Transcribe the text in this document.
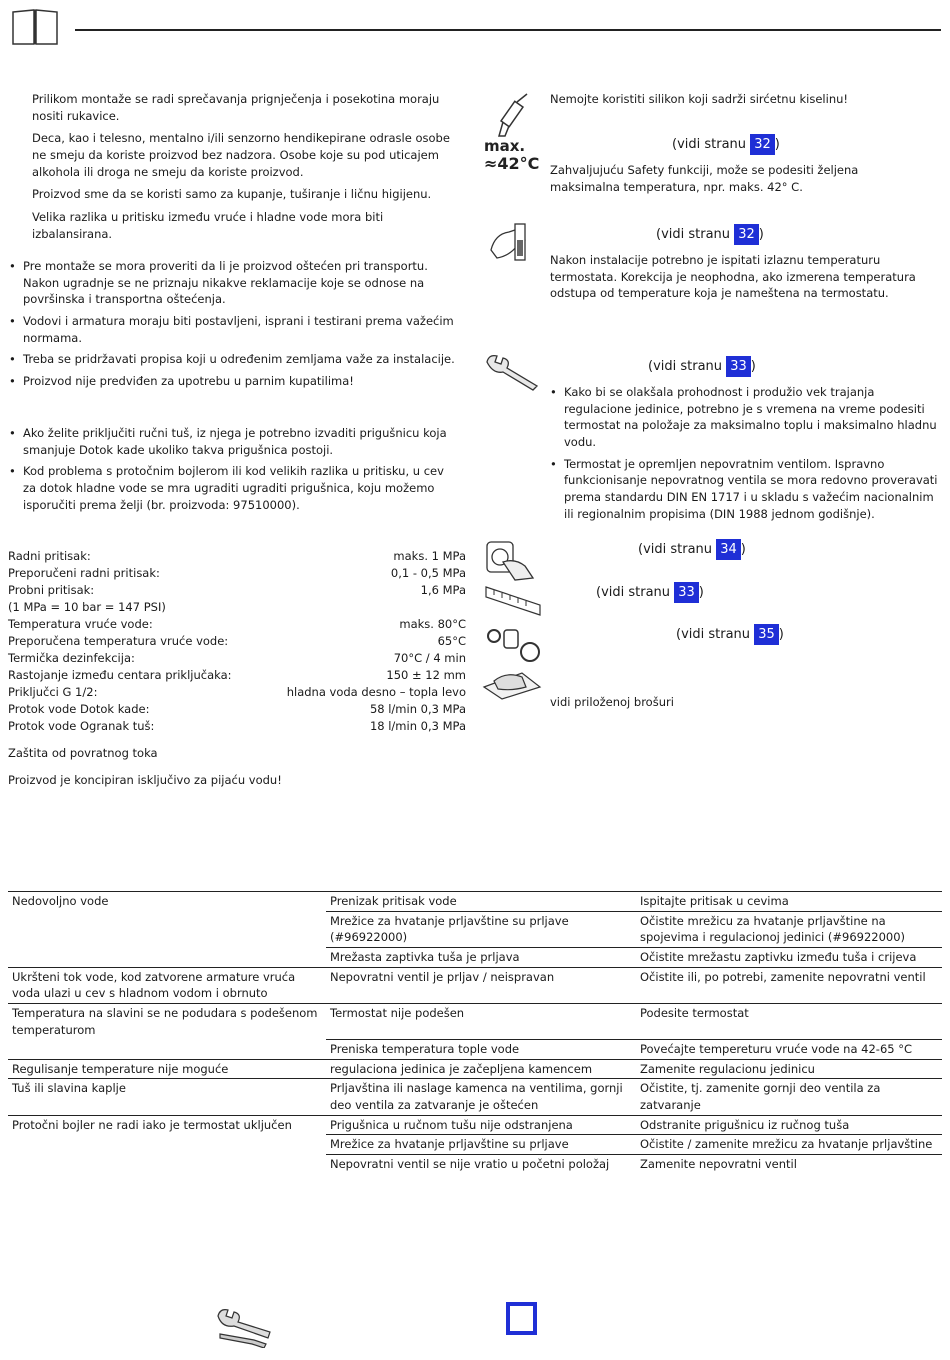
Prilikom montaže se radi sprečavanja prignječenja i posekotina moraju nositi rukavice.

Deca, kao i telesno, mentalno i/ili senzorno hendikepirane odrasle osobe ne smeju da koriste proizvod bez nadzora. Osobe koje su pod uticajem alkohola ili droga ne smeju da koriste proizvod.

Proizvod sme da se koristi samo za kupanje, tuširanje i ličnu higijenu.

Velika razlika u pritisku između vruće i hladne vode mora biti izbalansirana.

• Pre montaže se mora proveriti da li je proizvod oštećen pri transportu. Nakon ugradnje se ne priznaju nikakve reklamacije koje se odnose na površinska i transportna oštećenja.
• Vodovi i armatura moraju biti postavljeni, isprani i testirani prema važećim normama.
• Treba se pridržavati propisa koji u određenim zemljama važe za instalacije.
• Proizvod nije predviđen za upotrebu u parnim kupatilima!
• Ako želite priključiti ručni tuš, iz njega je potrebno izvaditi prigušnicu koja smanjuje Dotok kade ukoliko takva prigušnica postoji.
• Kod problema s protočnim bojlerom ili kod velikih razlika u pritisku, u cev za dotok hladne vode se mra ugraditi ugraditi prigušnica, koju možemo isporučiti prema želji (br. proizvoda: 97510000).
Radni pritisak:	maks. 1 MPa
Preporučeni radni pritisak:	0,1 - 0,5 MPa
Probni pritisak:	1,6 MPa
(1 MPa = 10 bar = 147 PSI)
Temperatura vruće vode:	maks. 80°C
Preporučena temperatura vruće vode:	65°C
Termička dezinfekcija:	70°C / 4 min
Rastojanje između centara priključaka:	150 ± 12 mm
Priključci G 1/2:	hladna voda desno – topla levo
Protok vode Dotok kade:	58 l/min 0,3 MPa
Protok vode Ogranak tuš:	18 l/min 0,3 MPa
Zaštita od povratnog toka
Proizvod je koncipiran isključivo za pijaću vodu!
max.
≈42°C
Nemojte koristiti silikon koji sadrži sirćetnu kiselinu!
(vidi stranu 32 )
Zahvaljujuću Safety funkciji, može se podesiti željena maksimalna temperatura, npr. maks. 42° C.
(vidi stranu 32 )
Nakon instalacije potrebno je ispitati izlaznu temperaturu termostata. Korekcija je neophodna, ako izmerena temperatura odstupa od temperature koja je nameštena na termostatu.
(vidi stranu 33 )
• Kako bi se olakšala prohodnost i produžio vek trajanja regulacione jedinice, potrebno je s vremena na vreme podesiti termostat na položaje za maksimalno toplu i maksimalno hladnu vodu.
• Termostat je opremljen nepovratnim ventilom. Ispravno funkcionisanje nepovratnog ventila se mora redovno proveravati prema standardu DIN EN 1717 i u skladu s važećim nacionalnim ili regionalnim propisima (DIN 1988 jednom godišnje).
(vidi stranu 34 )
(vidi stranu 33 )
(vidi stranu 35 )
vidi priloženoj brošuri
Nedovoljno vode	Prenizak pritisak vode	Ispitajte pritisak u cevima
	Mrežice za hvatanje prljavštine su prljave (#96922000)	Očistite mrežicu za hvatanje prljavštine na spojevima i regulacionoj jedinici (#96922000)
	Mrežasta zaptivka tuša je prljava	Očistite mrežastu zaptivku između tuša i crijeva
Ukršteni tok vode, kod zatvorene armature vruća voda ulazi u cev s hladnom vodom i obrnuto	Nepovratni ventil je prljav / neispravan	Očistite ili, po potrebi, zamenite nepovratni ventil
Temperatura na slavini se ne podudara s podešenom temperaturom	Termostat nije podešen	Podesite termostat
	Preniska temperatura tople vode	Povećajte tempereturu vruće vode na 42-65 °C
Regulisanje temperature nije moguće	regulaciona jedinica je začepljena kamencem	Zamenite regulacionu jedinicu
Tuš ili slavina kaplje	Prljavština ili naslage kamenca na ventilima, gornji deo ventila za zatvaranje je oštećen	Očistite, tj. zamenite gornji deo ventila za zatvaranje
Protočni bojler ne radi iako je termostat uključen	Prigušnica u ručnom tušu nije odstranjena	Odstranite prigušnicu iz ručnog tuša
	Mrežice za hvatanje prljavštine su prljave	Očistite / zamenite mrežicu za hvatanje prljavštine
	Nepovratni ventil se nije vratio u početni položaj	Zamenite nepovratni ventil
